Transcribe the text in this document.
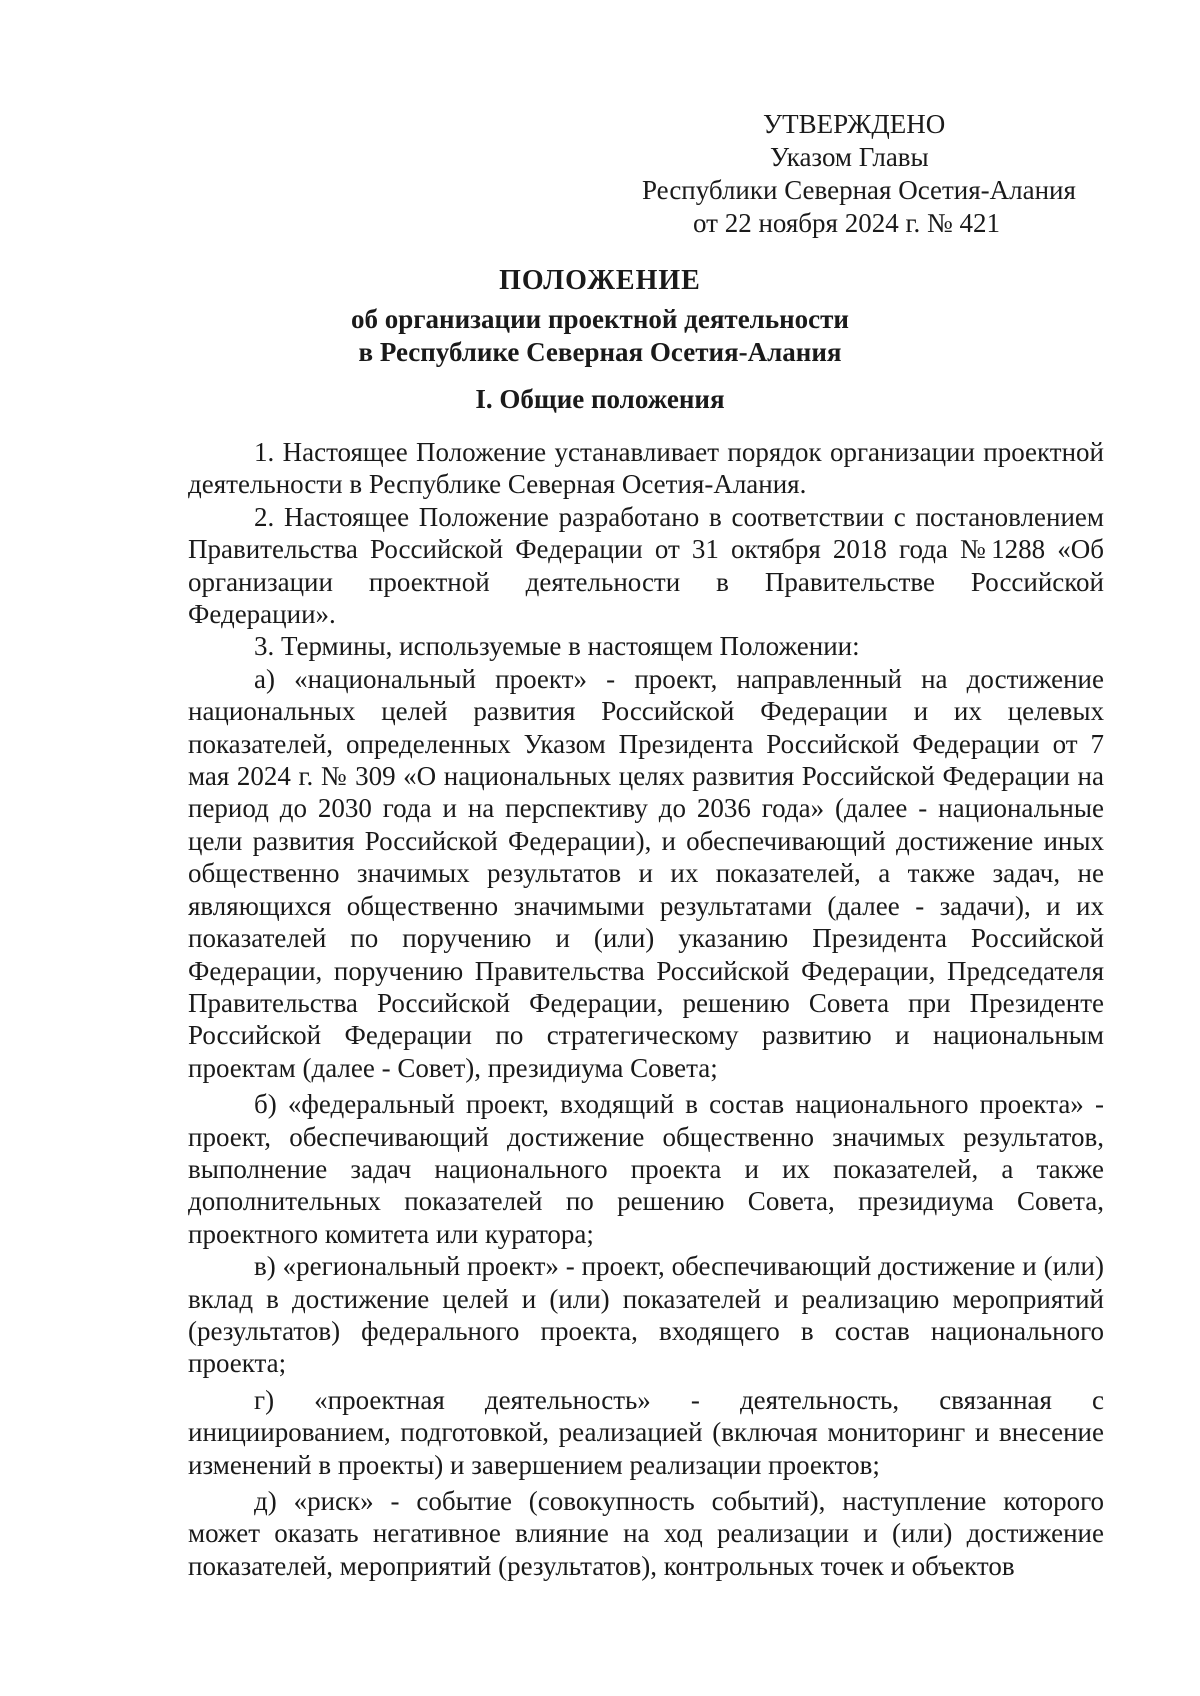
УТВЕРЖДЕНО
Указом Главы
Республики Северная Осетия-Алания
от 22 ноября 2024 г. № 421
ПОЛОЖЕНИЕ
об организации проектной деятельности
в Республике Северная Осетия-Алания
I. Общие положения

1. Настоящее Положение устанавливает порядок организации проектной деятельности в Республике Северная Осетия-Алания.

2. Настоящее Положение разработано в соответствии с постановлением Правительства Российской Федерации от 31 октября 2018 года №1288 «Об организации проектной деятельности в Правительстве Российской Федерации».

3. Термины, используемые в настоящем Положении:

а) «национальный проект» - проект, направленный на достижение национальных целей развития Российской Федерации и их целевых показателей, определенных Указом Президента Российской Федерации от 7 мая 2024 г. № 309 «О национальных целях развития Российской Федерации на период до 2030 года и на перспективу до 2036 года» (далее - национальные цели развития Российской Федерации), и обеспечивающий достижение иных общественно значимых результатов и их показателей, а также задач, не являющихся общественно значимыми результатами (далее - задачи), и их показателей по поручению и (или) указанию Президента Российской Федерации, поручению Правительства Российской Федерации, Председателя Правительства Российской Федерации, решению Совета при Президенте Российской Федерации по стратегическому развитию и национальным проектам (далее - Совет), президиума Совета;

б) «федеральный проект, входящий в состав национального проекта» - проект, обеспечивающий достижение общественно значимых результатов, выполнение задач национального проекта и их показателей, а также дополнительных показателей по решению Совета, президиума Совета, проектного комитета или куратора;

в) «региональный проект» - проект, обеспечивающий достижение и (или) вклад в достижение целей и (или) показателей и реализацию мероприятий (результатов) федерального проекта, входящего в состав национального проекта;

г) «проектная деятельность» - деятельность, связанная с инициированием, подготовкой, реализацией (включая мониторинг и внесение изменений в проекты) и завершением реализации проектов;

д) «риск» - событие (совокупность событий), наступление которого может оказать негативное влияние на ход реализации и (или) достижение показателей, мероприятий (результатов), контрольных точек и объектов
